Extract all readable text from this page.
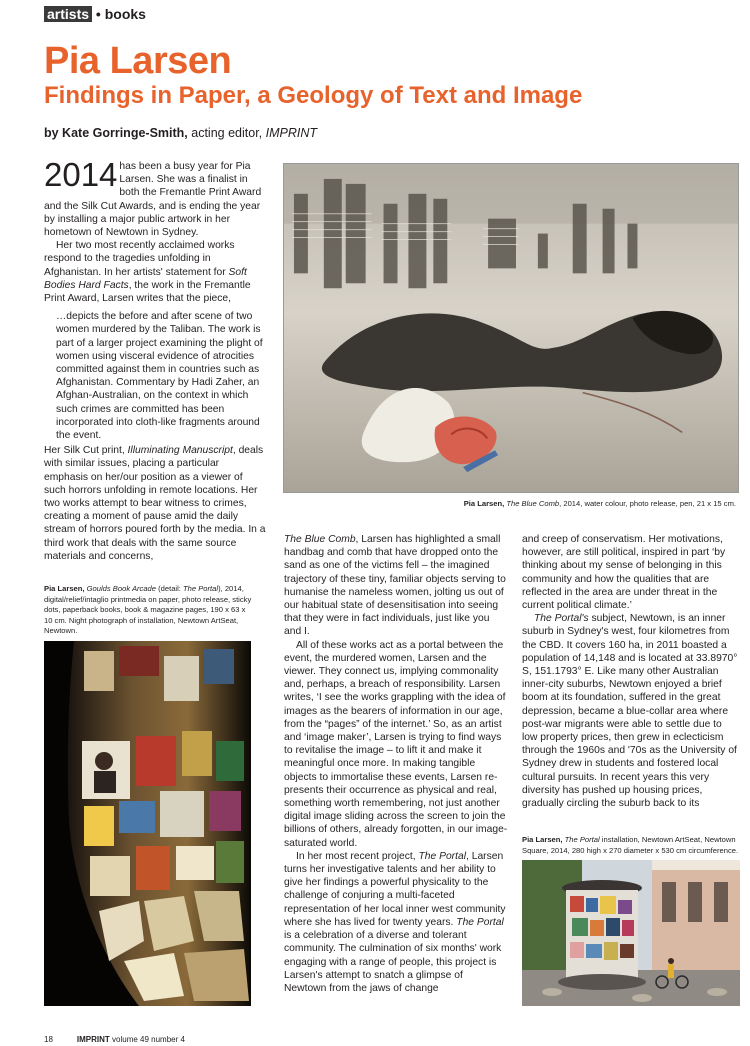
artists • books
Pia Larsen
Findings in Paper, a Geology of Text and Image
by Kate Gorringe-Smith, acting editor, IMPRINT

2014 has been a busy year for Pia Larsen. She was a finalist in both the Fremantle Print Award and the Silk Cut Awards, and is ending the year by installing a major public artwork in her hometown of Newtown in Sydney.

Her two most recently acclaimed works respond to the tragedies unfolding in Afghanistan. In her artists' statement for Soft Bodies Hard Facts, the work in the Fremantle Print Award, Larsen writes that the piece,

…depicts the before and after scene of two women murdered by the Taliban. The work is part of a larger project examining the plight of women using visceral evidence of atrocities committed against them in countries such as Afghanistan. Commentary by Hadi Zaher, an Afghan-Australian, on the context in which such crimes are committed has been incorporated into cloth-like fragments around the event.

Her Silk Cut print, Illuminating Manuscript, deals with similar issues, placing a particular emphasis on her/our position as a viewer of such horrors unfolding in remote locations. Her two works attempt to bear witness to crimes, creating a moment of pause amid the daily stream of horrors poured forth by the media. In a third work that deals with the same source materials and concerns,

Pia Larsen, Goulds Book Arcade (detail: The Portal), 2014, digital/relief/intaglio printmedia on paper, photo release, sticky dots, paperback books, book & magazine pages, 190 x 63 x 10 cm. Night photograph of installation, Newtown ArtSeat, Newtown.
Pia Larsen, The Blue Comb, 2014, water colour, photo release, pen, 21 x 15 cm.

The Blue Comb, Larsen has highlighted a small handbag and comb that have dropped onto the sand as one of the victims fell – the imagined trajectory of these tiny, familiar objects serving to humanise the nameless women, jolting us out of our habitual state of desensitisation into seeing that they were in fact individuals, just like you and I.

All of these works act as a portal between the event, the murdered women, Larsen and the viewer. They connect us, implying commonality and, perhaps, a breach of responsibility. Larsen writes, ‘I see the works grappling with the idea of images as the bearers of information in our age, from the “pages” of the internet.’ So, as an artist and ‘image maker’, Larsen is trying to find ways to revitalise the image – to lift it and make it meaningful once more. In making tangible objects to immortalise these events, Larsen re-presents their occurrence as physical and real, something worth remembering, not just another digital image sliding across the screen to join the billions of others, already forgotten, in our image-saturated world.

In her most recent project, The Portal, Larsen turns her investigative talents and her ability to give her findings a powerful physicality to the challenge of conjuring a multi-faceted representation of her local inner west community where she has lived for twenty years. The Portal is a celebration of a diverse and tolerant community. The culmination of six months' work engaging with a range of people, this project is Larsen's attempt to snatch a glimpse of Newtown from the jaws of change

and creep of conservatism. Her motivations, however, are still political, inspired in part ‘by thinking about my sense of belonging in this community and how the qualities that are reflected in the area are under threat in the current political climate.’

The Portal's subject, Newtown, is an inner suburb in Sydney's west, four kilometres from the CBD. It covers 160 ha, in 2011 boasted a population of 14,148 and is located at 33.8970° S, 151.1793° E. Like many other Australian inner-city suburbs, Newtown enjoyed a brief boom at its foundation, suffered in the great depression, became a blue-collar area where post-war migrants were able to settle due to low property prices, then grew in eclecticism through the 1960s and '70s as the University of Sydney drew in students and fostered local cultural pursuits. In recent years this very diversity has pushed up housing prices, gradually circling the suburb back to its

Pia Larsen, The Portal installation, Newtown ArtSeat, Newtown Square, 2014, 280 high x 270 diameter x 530 cm circumference.
18	IMPRINT volume 49 number 4
